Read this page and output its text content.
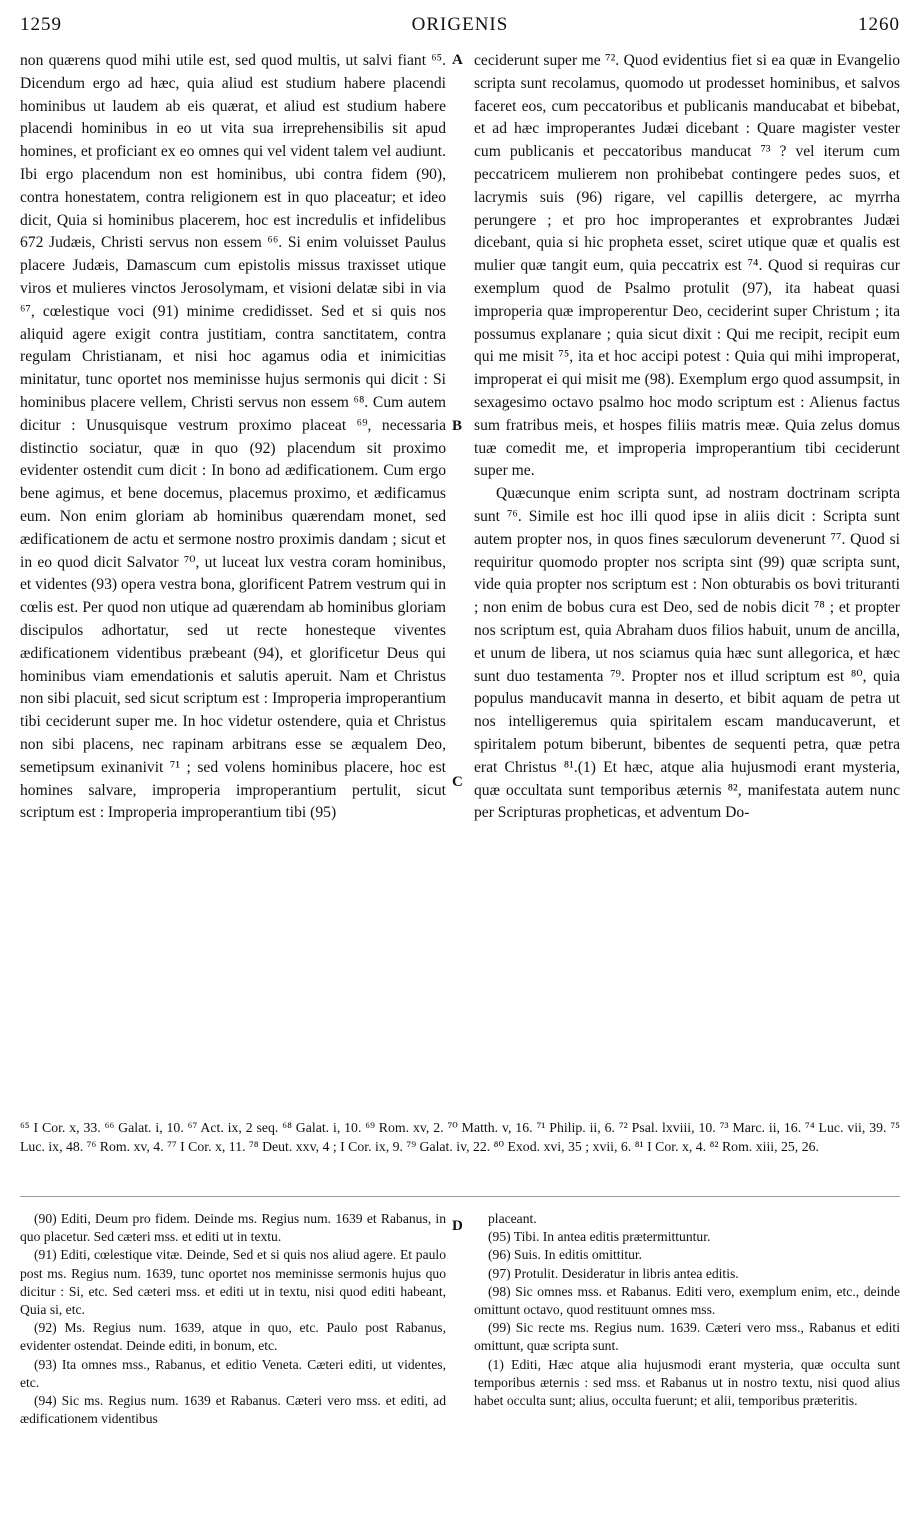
1259	ORIGENIS	1260
A
B
C
D

non quærens quod mihi utile est, sed quod multis, ut salvi fiant ⁶⁵. Dicendum ergo ad hæc, quia aliud est studium habere placendi hominibus ut laudem ab eis quærat, et aliud est studium habere placendi hominibus in eo ut vita sua irreprehensibilis sit apud homines, et proficiant ex eo omnes qui vel vident talem vel audiunt. Ibi ergo placendum non est hominibus, ubi contra fidem (90), contra honestatem, contra religionem est in quo placeatur; et ideo dicit, Quia si hominibus placerem, hoc est incredulis et infidelibus 672 Judæis, Christi servus non essem ⁶⁶. Si enim voluisset Paulus placere Judæis, Damascum cum epistolis missus traxisset utique viros et mulieres vinctos Jerosolymam, et visioni delatæ sibi in via ⁶⁷, cœlestique voci (91) minime credidisset. Sed et si quis nos aliquid agere exigit contra justitiam, contra sanctitatem, contra regulam Christianam, et nisi hoc agamus odia et inimicitias minitatur, tunc oportet nos meminisse hujus sermonis qui dicit : Si hominibus placere vellem, Christi servus non essem ⁶⁸. Cum autem dicitur : Unusquisque vestrum proximo placeat ⁶⁹, necessaria distinctio sociatur, quæ in quo (92) placendum sit proximo evidenter ostendit cum dicit : In bono ad ædificationem. Cum ergo bene agimus, et bene docemus, placemus proximo, et ædificamus eum. Non enim gloriam ab hominibus quærendam monet, sed ædificationem de actu et sermone nostro proximis dandam ; sicut et in eo quod dicit Salvator ⁷⁰, ut luceat lux vestra coram hominibus, et videntes (93) opera vestra bona, glorificent Patrem vestrum qui in cœlis est. Per quod non utique ad quærendam ab hominibus gloriam discipulos adhortatur, sed ut recte honesteque viventes ædificationem videntibus præbeant (94), et glorificetur Deus qui hominibus viam emendationis et salutis aperuit. Nam et Christus non sibi placuit, sed sicut scriptum est : Improperia improperantium tibi ceciderunt super me. In hoc videtur ostendere, quia et Christus non sibi placens, nec rapinam arbitrans esse se æqualem Deo, semetipsum exinanivit ⁷¹ ; sed volens hominibus placere, hoc est homines salvare, improperia improperantium pertulit, sicut scriptum est : Improperia improperantium tibi (95)

ceciderunt super me ⁷². Quod evidentius fiet si ea quæ in Evangelio scripta sunt recolamus, quomodo ut prodesset hominibus, et salvos faceret eos, cum peccatoribus et publicanis manducabat et bibebat, et ad hæc improperantes Judæi dicebant : Quare magister vester cum publicanis et peccatoribus manducat ⁷³ ? vel iterum cum peccatricem mulierem non prohibebat contingere pedes suos, et lacrymis suis (96) rigare, vel capillis detergere, ac myrrha perungere ; et pro hoc improperantes et exprobrantes Judæi dicebant, quia si hic propheta esset, sciret utique quæ et qualis est mulier quæ tangit eum, quia peccatrix est ⁷⁴. Quod si requiras cur exemplum quod de Psalmo protulit (97), ita habeat quasi improperia quæ improperentur Deo, ceciderint super Christum ; ita possumus explanare ; quia sicut dixit : Qui me recipit, recipit eum qui me misit ⁷⁵, ita et hoc accipi potest : Quia qui mihi improperat, improperat ei qui misit me (98). Exemplum ergo quod assumpsit, in sexagesimo octavo psalmo hoc modo scriptum est : Alienus factus sum fratribus meis, et hospes filiis matris meæ. Quia zelus domus tuæ comedit me, et improperia improperantium tibi ceciderunt super me.

Quæcunque enim scripta sunt, ad nostram doctrinam scripta sunt ⁷⁶. Simile est hoc illi quod ipse in aliis dicit : Scripta sunt autem propter nos, in quos fines sæculorum devenerunt ⁷⁷. Quod si requiritur quomodo propter nos scripta sint (99) quæ scripta sunt, vide quia propter nos scriptum est : Non obturabis os bovi trituranti ; non enim de bobus cura est Deo, sed de nobis dicit ⁷⁸ ; et propter nos scriptum est, quia Abraham duos filios habuit, unum de ancilla, et unum de libera, ut nos sciamus quia hæc sunt allegorica, et hæc sunt duo testamenta ⁷⁹. Propter nos et illud scriptum est ⁸⁰, quia populus manducavit manna in deserto, et bibit aquam de petra ut nos intelligeremus quia spiritalem escam manducaverunt, et spiritalem potum biberunt, bibentes de sequenti petra, quæ petra erat Christus ⁸¹.(1) Et hæc, atque alia hujusmodi erant mysteria, quæ occultata sunt temporibus æternis ⁸², manifestata autem nunc per Scripturas propheticas, et adventum Do-

⁶⁵ I Cor. x, 33. ⁶⁶ Galat. i, 10. ⁶⁷ Act. ix, 2 seq. ⁶⁸ Galat. i, 10. ⁶⁹ Rom. xv, 2. ⁷⁰ Matth. v, 16. ⁷¹ Philip. ii, 6. ⁷² Psal. lxviii, 10. ⁷³ Marc. ii, 16. ⁷⁴ Luc. vii, 39. ⁷⁵ Luc. ix, 48. ⁷⁶ Rom. xv, 4. ⁷⁷ I Cor. x, 11. ⁷⁸ Deut. xxv, 4 ; I Cor. ix, 9. ⁷⁹ Galat. iv, 22. ⁸⁰ Exod. xvi, 35 ; xvii, 6. ⁸¹ I Cor. x, 4. ⁸² Rom. xiii, 25, 26.
(90) Editi, Deum pro fidem. Deinde ms. Regius num. 1639 et Rabanus, in quo placetur. Sed cæteri mss. et editi ut in textu.
(91) Editi, cœlestique vitæ. Deinde, Sed et si quis nos aliud agere. Et paulo post ms. Regius num. 1639, tunc oportet nos meminisse sermonis hujus quo dicitur : Si, etc. Sed cæteri mss. et editi ut in textu, nisi quod editi habeant, Quia si, etc.
(92) Ms. Regius num. 1639, atque in quo, etc. Paulo post Rabanus, evidenter ostendat. Deinde editi, in bonum, etc.
(93) Ita omnes mss., Rabanus, et editio Veneta. Cæteri editi, ut videntes, etc.
(94) Sic ms. Regius num. 1639 et Rabanus. Cæteri vero mss. et editi, ad ædificationem videntibus
placeant.
(95) Tibi. In antea editis prætermittuntur.
(96) Suis. In editis omittitur.
(97) Protulit. Desideratur in libris antea editis.
(98) Sic omnes mss. et Rabanus. Editi vero, exemplum enim, etc., deinde omittunt octavo, quod restituunt omnes mss.
(99) Sic recte ms. Regius num. 1639. Cæteri vero mss., Rabanus et editi omittunt, quæ scripta sunt.
(1) Editi, Hæc atque alia hujusmodi erant mysteria, quæ occulta sunt temporibus æternis : sed mss. et Rabanus ut in nostro textu, nisi quod alius habet occulta sunt; alius, occulta fuerunt; et alii, temporibus præteritis.
